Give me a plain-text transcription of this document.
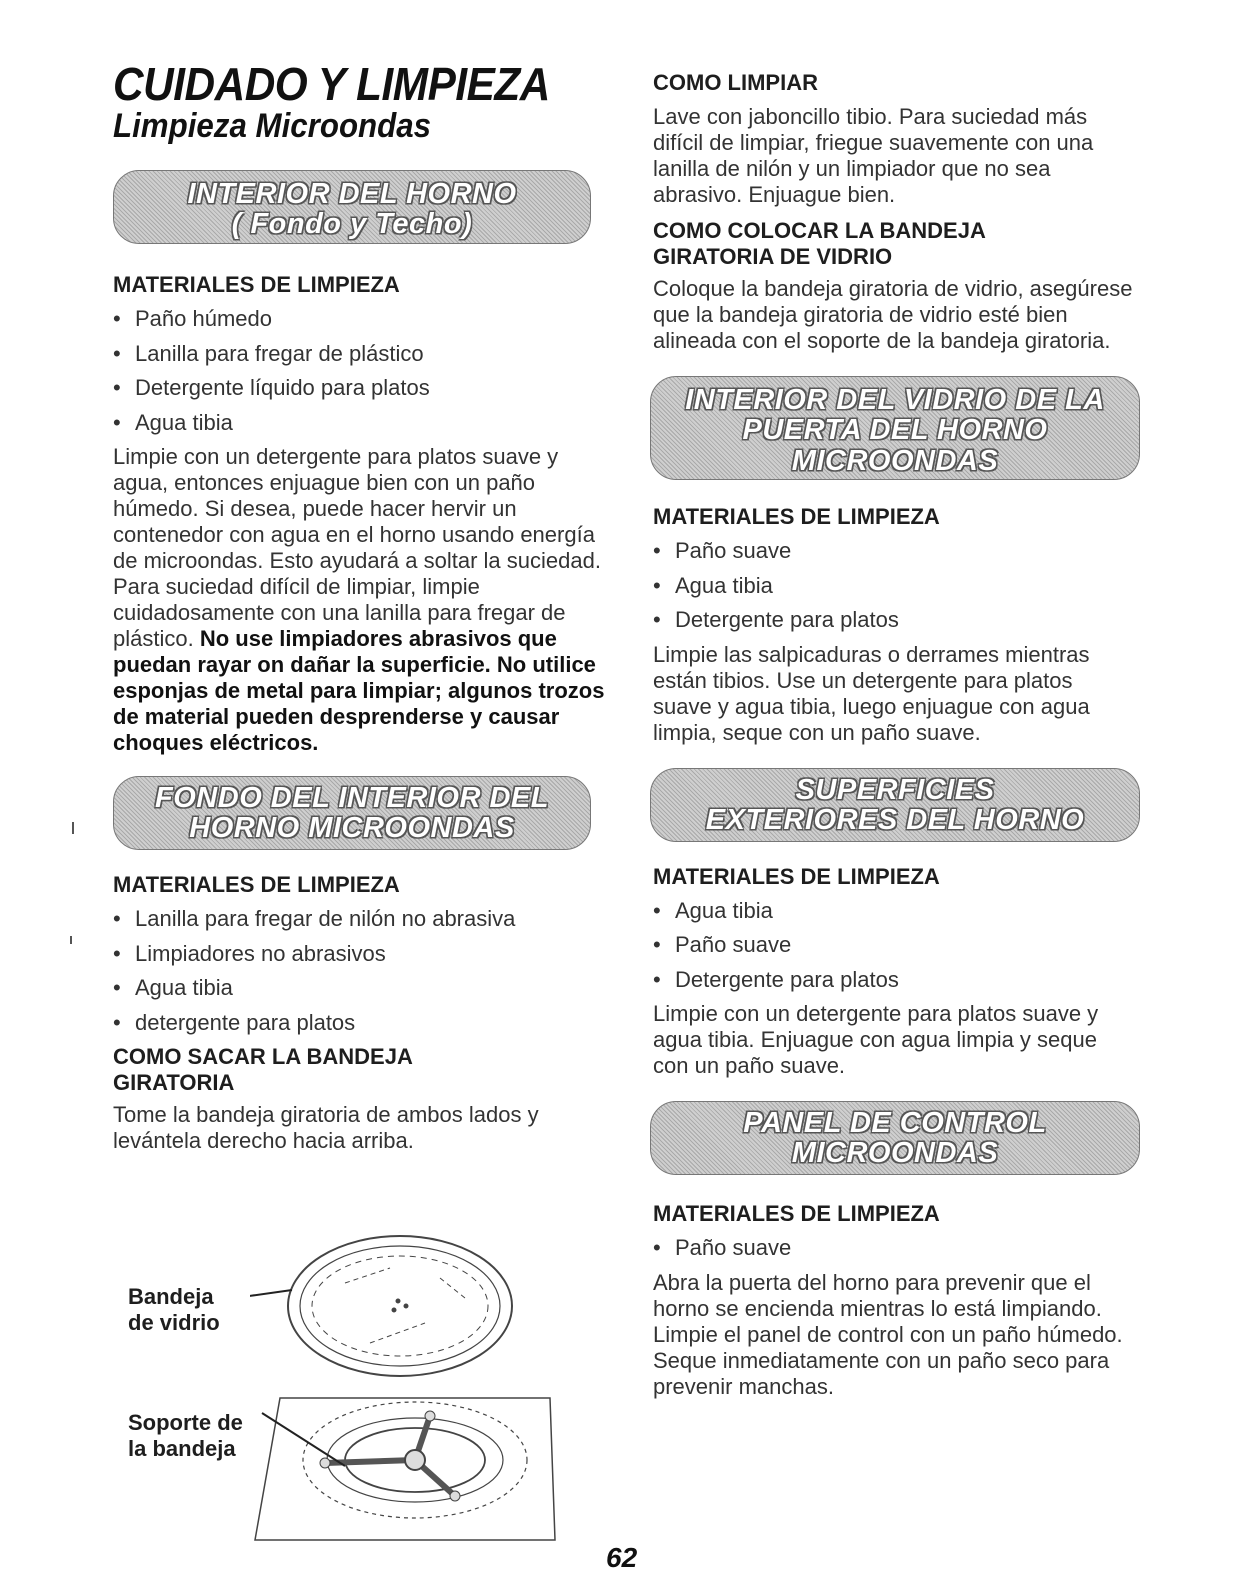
CUIDADO Y LIMPIEZA
Limpieza Microondas
INTERIOR DEL HORNO
( Fondo y Techo)

MATERIALES DE LIMPIEZA

• Paño húmedo
• Lanilla para fregar de plástico
• Detergente líquido para platos
• Agua tibia

Limpie con un detergente para platos suave y agua, entonces enjuague bien con un paño húmedo. Si desea, puede hacer hervir un contenedor con agua en el horno usando energía de microondas. Esto ayudará a soltar la suciedad. Para suciedad difícil de limpiar, limpie cuidadosamente con una lanilla para fregar de plástico. No use limpiadores abrasivos que puedan rayar on dañar la superficie. No utilice esponjas de metal para limpiar; algunos trozos de material pueden desprenderse y causar choques eléctricos.

FONDO DEL INTERIOR DEL
HORNO MICROONDAS

MATERIALES DE LIMPIEZA

• Lanilla para fregar de nilón no abrasiva
• Limpiadores no abrasivos
• Agua tibia
• detergente para platos

COMO SACAR LA BANDEJA GIRATORIA

Tome la bandeja giratoria de ambos lados y levántela derecho hacia arriba.

Bandeja
de vidrio
Soporte de
la bandeja

COMO LIMPIAR

Lave con jaboncillo tibio. Para suciedad más difícil de limpiar, friegue suavemente con una lanilla de nilón y un limpiador que no sea abrasivo. Enjuague bien.

COMO COLOCAR LA BANDEJA GIRATORIA DE VIDRIO

Coloque la bandeja giratoria de vidrio, asegúrese que la bandeja giratoria de vidrio esté bien alineada con el soporte de la bandeja giratoria.

INTERIOR DEL VIDRIO DE LA
PUERTA DEL HORNO
MICROONDAS

MATERIALES DE LIMPIEZA

• Paño suave
• Agua tibia
• Detergente para platos

Limpie las salpicaduras o derrames mientras están tibios. Use un detergente para platos suave y agua tibia, luego enjuague con agua limpia, seque con un paño suave.

SUPERFICIES
EXTERIORES DEL HORNO

MATERIALES DE LIMPIEZA

• Agua tibia
• Paño suave
• Detergente para platos

Limpie con un detergente para platos suave y agua tibia. Enjuague con agua limpia y seque con un paño suave.

PANEL DE CONTROL
MICROONDAS

MATERIALES DE LIMPIEZA

• Paño suave

Abra la puerta del horno para prevenir que el horno se encienda mientras lo está limpiando. Limpie el panel de control con un paño húmedo. Seque inmediatamente con un paño seco para prevenir manchas.

62
